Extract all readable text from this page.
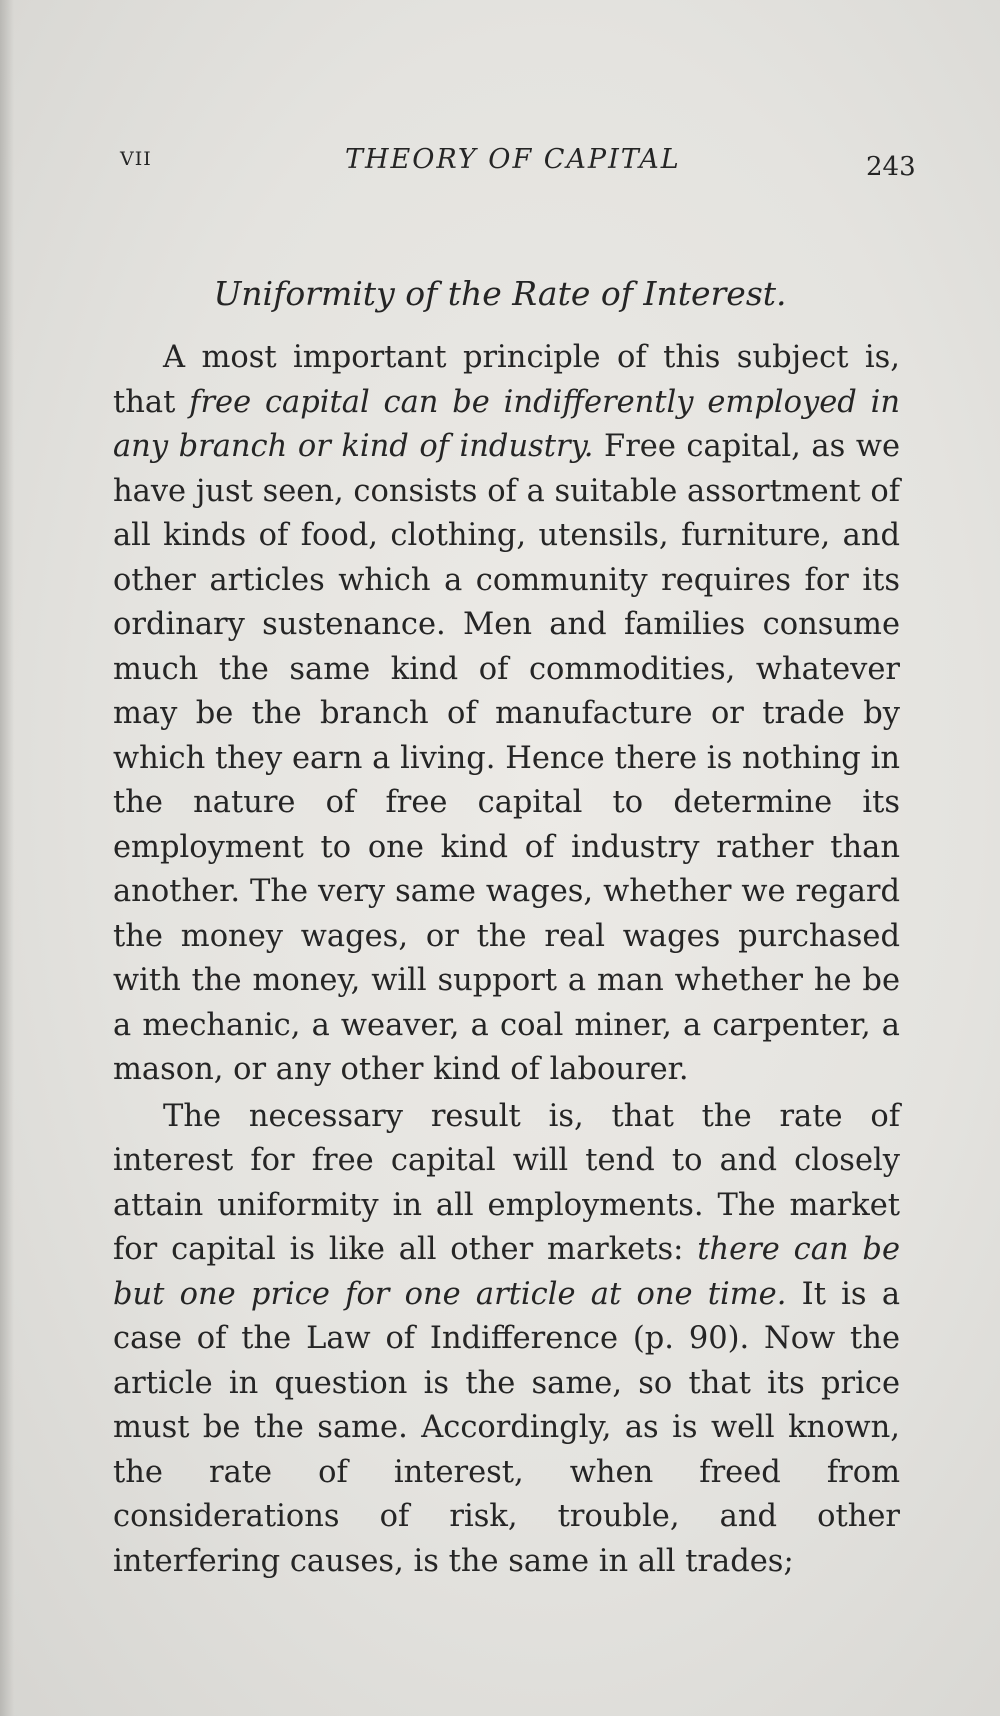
VII	THEORY OF CAPITAL	243
Uniformity of the Rate of Interest.

A most important principle of this subject is, that free capital can be indifferently employed in any branch or kind of industry. Free capital, as we have just seen, consists of a suitable assortment of all kinds of food, clothing, utensils, furniture, and other articles which a community requires for its ordinary sustenance. Men and families consume much the same kind of commodities, whatever may be the branch of manufacture or trade by which they earn a living. Hence there is nothing in the nature of free capital to determine its employment to one kind of industry rather than another. The very same wages, whether we regard the money wages, or the real wages purchased with the money, will support a man whether he be a mechanic, a weaver, a coal miner, a carpenter, a mason, or any other kind of labourer.

The necessary result is, that the rate of interest for free capital will tend to and closely attain uniformity in all employments. The market for capital is like all other markets: there can be but one price for one article at one time. It is a case of the Law of Indifference (p. 90). Now the article in question is the same, so that its price must be the same. Accordingly, as is well known, the rate of interest, when freed from considerations of risk, trouble, and other interfering causes, is the same in all trades;
